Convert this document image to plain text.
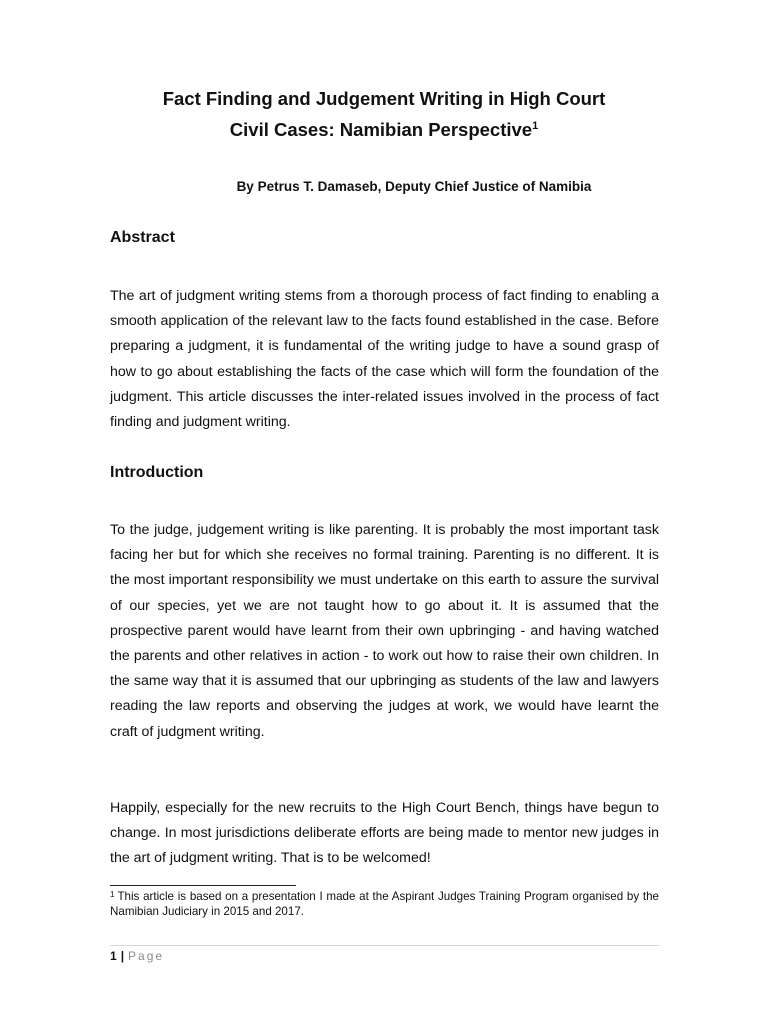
Fact Finding and Judgement Writing in High Court
Civil Cases: Namibian Perspective$^1$
By Petrus T. Damaseb, Deputy Chief Justice of Namibia
Abstract

The art of judgment writing stems from a thorough process of fact finding to enabling a smooth application of the relevant law to the facts found established in the case. Before preparing a judgment, it is fundamental of the writing judge to have a sound grasp of how to go about establishing the facts of the case which will form the foundation of the judgment. This article discusses the inter-related issues involved in the process of fact finding and judgment writing.

Introduction

To the judge, judgement writing is like parenting. It is probably the most important task facing her but for which she receives no formal training. Parenting is no different. It is the most important responsibility we must undertake on this earth to assure the survival of our species, yet we are not taught how to go about it. It is assumed that the prospective parent would have learnt from their own upbringing - and having watched the parents and other relatives in action - to work out how to raise their own children. In the same way that it is assumed that our upbringing as students of the law and lawyers reading the law reports and observing the judges at work, we would have learnt the craft of judgment writing.

Happily, especially for the new recruits to the High Court Bench, things have begun to change. In most jurisdictions deliberate efforts are being made to mentor new judges in the art of judgment writing. That is to be welcomed!

$^1$ This article is based on a presentation I made at the Aspirant Judges Training Program organised by the Namibian Judiciary in 2015 and 2017.

1 | Page
